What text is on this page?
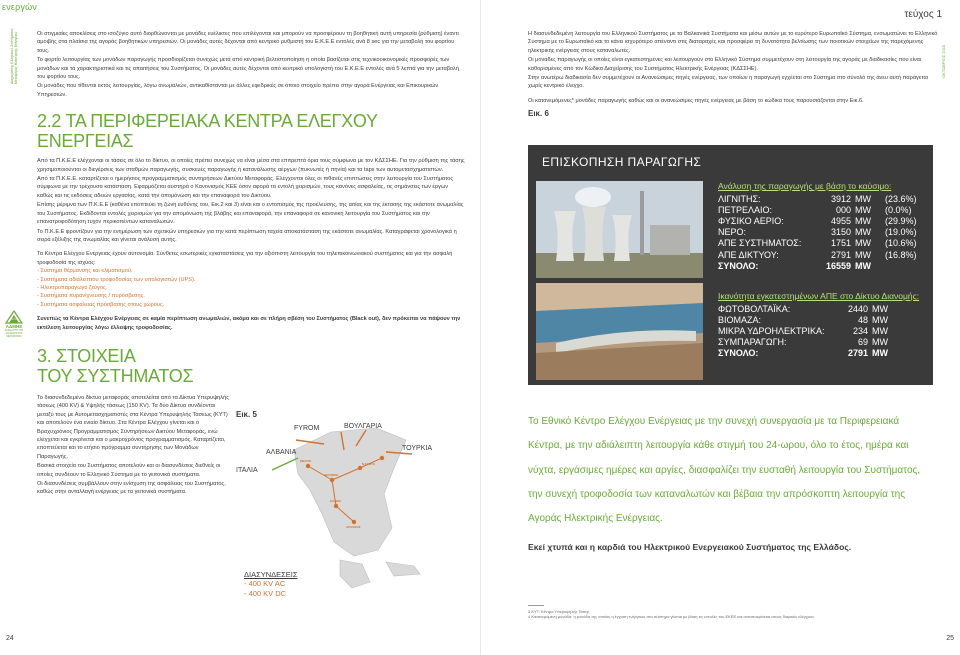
ενεργών
Διαχειριστής Ελληνικού Συστήματος Μεταφοράς Ηλεκτρικής Ενέργειας
ΑΔΜΗΕ
ΑΝΕΞΑΡΤΗΤΟΣ ΔΙΑΧΕΙΡΙΣΤΗΣ ΜΕΤΑΦΟΡΑΣ

Οι στιγμιαίες αποκλίσεις στο ισοζύγιο αυτό διορθώνονται με μονάδες ευέλικτες που επιλέγονται και μπορούν να προσφέρουν τη βοηθητική αυτή υπηρεσία (ρύθμιση) έναντι αμοιβής στα πλαίσια της αγοράς βοηθητικών υπηρεσιών. Οι μονάδες αυτές δέχονται από κεντρικό ρυθμιστή του Ε.Κ.Ε.Ε εντολές ανά 8 sec για την μεταβολή του φορτίου τους.

Το φορτίο λειτουργίας των μονάδων παραγωγής προσδιορίζεται συνεχώς μετά από κεντρική βελτιστοποίηση η οποία βασίζεται στις τεχνικοοικονομικές προσφορές των μονάδων και τα χαρακτηριστικά και τις απαιτήσεις του Συστήματος. Οι μονάδες αυτές δέχονται από κεντρικό υπολογιστή του Ε.Κ.Ε.Ε εντολές ανά 5 λεπτά για την μεταβολή του φορτίου τους.

Οι μονάδες που τίθενται εκτός λειτουργίας, λόγω ανωμαλιών, αντικαθίστανται με άλλες εφεδρικές σε όποιο στοιχείο πρέπει στην αγορά Ενέργειας και Επικουρικών Υπηρεσιών.

2.2 ΤΑ ΠΕΡΙΦΕΡΕΙΑΚΑ ΚΕΝΤΡΑ ΕΛΕΓΧΟΥ ΕΝΕΡΓΕΙΑΣ

Από τα Π.Κ.Ε.Ε ελέγχονται οι τάσεις σε όλο το δίκτυο, οι οποίες πρέπει συνεχώς να είναι μέσα στα επιτρεπτά όρια τους σύμφωνα με τον ΚΔΣΣΗΕ. Για την ρύθμιση της τάσης χρησιμοποιούνται οι διεγέρσεις των σταθμών παραγωγής, συσκευές παραγωγής ή κατανάλωσης αέργων (πυκνωτές ή πηνία) και τα taps των αυτομετασχηματιστών.

Από τα Π.Κ.Ε.Ε. καταρτίζεται ο ημερήσιος προγραμματισμός συντηρήσεων Δικτύου Μεταφοράς. Ελέγχονται όλες οι πιθανές επιπτώσεις στην λειτουργία του Συστήματος σύμφωνα με την τρέχουσα κατάσταση. Εφαρμόζεται αυστηρά ο Κανονισμός ΚΕΕ όσον αφορά τα εντολή χειρισμών, τους κανόνες ασφαλείας, τις σημάνσεις των έργων καθώς και τις εκδόσεις αδειών εργασίας, κατά την απομόνωση και την επαναφορά του Δικτύου.

Επίσης μέριμνα των Π.Κ.Ε.Ε (καθένα εποπτεύει τη ζώνη ευθύνης του, Εικ.2 και 3) είναι και ο εντοπισμός της προέλευσης, της αιτίας και της έκτασης της εκάστοτε ανωμαλίας του Συστήματος. Εκδίδονται εντολές χειρισμών για την απομόνωση της βλάβης και επαναφορά, την επαναφορά σε κανονική λειτουργία του Συστήματος και την επανατροφοδότηση τυχόν περικοπέντων καταναλωτών.

Το Π.Κ.Ε.Ε φροντίζουν για την ενημέρωση των σχετικών υπηρεσιών για την κατά περίπτωση ταχεία αποκατάσταση της εκάστοτε ανωμαλίας. Καταγράφεται χρονολογικά η σειρά εξέλιξης της ανωμαλίας και γίνεται ανάλυση αυτής.

Τα Κέντρα Ελέγχου Ενέργειας έχουν αυτονομία. Σύνθετες εσωτερικές εγκαταστάσεις για την αξιόπιστη λειτουργία του τηλεπικοινωνιακού συστήματος και για την ασφαλή τροφοδοσία της ισχύος:

- Σύστημα θέρμανσης και κλιματισμού.
- Συστήματα αδιάλειπτου τροφοδοσίας των υπολογιστών (UPS).
- Ηλεκτροπαραγωγό ζεύγος.
- Συστήματα πυρανίχνευσης / πυρόσβεσης.
- Συστήματα ασφάλειας πρόσβασης στους χώρους.

Συνεπώς τα Κέντρα Ελέγχου Ενέργειας σε καμία περίπτωση ανωμαλιών, ακόμα και σε πλήρη σβέση του Συστήματος (Black out), δεν πρόκειται να πάψουν την εκτέλεση λειτουργίας λόγω έλλειψης τροφοδοσίας.

3. ΣΤΟΙΧΕΙΑ
ΤΟΥ ΣΥΣΤΗΜΑΤΟΣ

Το διασυνδεδεμένο δίκτυο μεταφοράς αποτελείται από τα Δίκτυα Υπερυψηλής τάσεως (400 KV) & Υψηλής τάσεως (150 KV). Τα δύο Δίκτυα συνδέονται μεταξύ τους με Αυτομετασχηματιστές στα Κέντρα Υπερυψηλής Τάσεως (ΚΥΤ) και αποτελούν ένα ενιαίο δίκτυο. Στα Κέντρα Ελέγχου γίνεται και ο Βραχυχρόνιος Προγραμματισμός Συντηρήσεων Δικτύου Μεταφοράς, ενώ ελέγχεται και εγκρίνεται και ο μακροχρόνιος προγραμματισμός. Καταρτίζεται, εποπτεύεται και το ετήσιο πρόγραμμα συντήρησης των Μονάδων Παραγωγής.

Βασικά στοιχεία του Συστήματος αποτελούν και οι διασυνδέσεις διεθνείς οι οποίες συνδέουν το Ελληνικό Σύστημα με το γειτονικά συστήματα.

Οι διασυνδέσεις συμβάλλουν στην ενίσχυση της ασφάλειας του Συστήματος, καθώς στην ανταλλαγή ενέργειας με τα γειτονικά συστήματα.

Εικ. 5
ΑΛΒΑΝΙΑ
FYROM	ΒΟΥΛΓΑΡΙΑ
ΤΟΥΡΚΙΑ
ΙΤΑΛΙΑ
ΜΕΛΙΤΗ
ΘΕΣ/ΝΙΚΗ
Ν.ΣΑΝΤΑ
ΚΑΡΔΙΑ
ΑΡΑΧΘΟΣ
ΔΙΑΣΥΝΔΕΣΕΙΣ
- 400 KV AC
- 400 KV DC
τεύχος 1
ΟΚΤΩΒΡΙΟΣ 2015

Η διασυνδεδεμένη λειτουργία του Ελληνικού Συστήματος με τα Βαλκανικά Συστήματα και μέσω αυτών με το ευρύτερο Ευρωπαϊκό Σύστημα, ενσωματώνει το Ελληνικό Σύστημα με το Ευρωπαϊκό και το κάνει ισχυρότερο απέναντι στις διαταραχές και προσφέρει τη δυνατότητα βελτίωσης των ποιοτικών στοιχείων της παρεχόμενης ηλεκτρικής ενέργειας στους καταναλωτές.

Οι μονάδες παραγωγής οι οποίες είναι εγκατεστημένες και λειτουργούν στο Ελληνικό Σύστημα συμμετέχουν στη λειτουργία της αγοράς με διαδικασίες που είναι καθορισμένες από τον Κώδικα Διαχείρισης του Συστήματος Ηλεκτρικής Ενέργειας (ΚΔΣΣΗΕ).

Στην ανωτέρω διαδικασία δεν συμμετέχουν οι Ανανεώσιμες πηγές ενέργειας, των οποίων η παραγωγή εγχέεται στο Σύστημα στο σύνολό της άνευ αυτή παράγεται χωρίς κεντρικό έλεγχο.

Οι κατανεμόμενες* μονάδες παραγωγής καθώς και οι ανανεώσιμες πηγές ενέργειας με βάση το κώδικα τους παρουσιάζονται στην Εικ.6.

Εικ. 6
ΕΠΙΣΚΟΠΗΣΗ ΠΑΡΑΓΩΓΗΣ
Ανάλυση της παραγωγής με βάση το καύσιμο:
ΛΙΓΝΙΤΗΣ:	3912 MW	(23.6%)
ΠΕΤΡΕΛΑΙΟ:	000 MW	(0.0%)
ΦΥΣΙΚΟ ΑΕΡΙΟ:	4955 MW	(29.9%)
ΝΕΡΟ:	3150 MW	(19.0%)
ΑΠΕ ΣΥΣΤΗΜΑΤΟΣ:	1751 MW	(10.6%)
ΑΠΕ ΔΙΚΤΥΟΥ:	2791 MW	(16.8%)
ΣΥΝΟΛΟ:	16559 MW
Ικανότητα εγκατεστημένων ΑΠΕ στο Δίκτυο Διανομής:
ΦΩΤΟΒΟΛΤΑΪΚΑ:	2440 MW
ΒΙΟΜΑΖΑ:	48 MW
ΜΙΚΡΑ ΥΔΡΟΗΛΕΚΤΡΙΚΑ:	234 MW
ΣΥΜΠΑΡΑΓΩΓΗ:	69 MW
ΣΥΝΟΛΟ:	2791 MW

Το Εθνικό Κέντρο Ελέγχου Ενέργειας με την συνεχή συνεργασία με τα Περιφερειακά Κέντρα, με την αδιάλειπτη λειτουργία κάθε στιγμή του 24-ωρου, όλο το έτος, ημέρα και νύχτα, εργάσιμες ημέρες και αργίες, διασφαλίζει την ευσταθή λειτουργία του Συστήματος, την συνεχή τροφοδοσία των καταναλωτών και βέβαια την απρόσκοπτη λειτουργία της Αγοράς Ηλεκτρικής Ενέργειας.

Εκεί χτυπά και η καρδιά του Ηλεκτρικού Ενεργειακού Συστήματος της Ελλάδος.

3 ΚΥΤ: Κέντρο Υπερυψηλής Τάσης
4 Κατανεμόμενη μονάδα: η μονάδα της οποίας η έγχυση ενέργειας στο σύστημα γίνεται με βάση τις εντολές του ΕΚΕΕ και ανταποκρίνεται στους διαρκείς ελέγχους.
24	25
